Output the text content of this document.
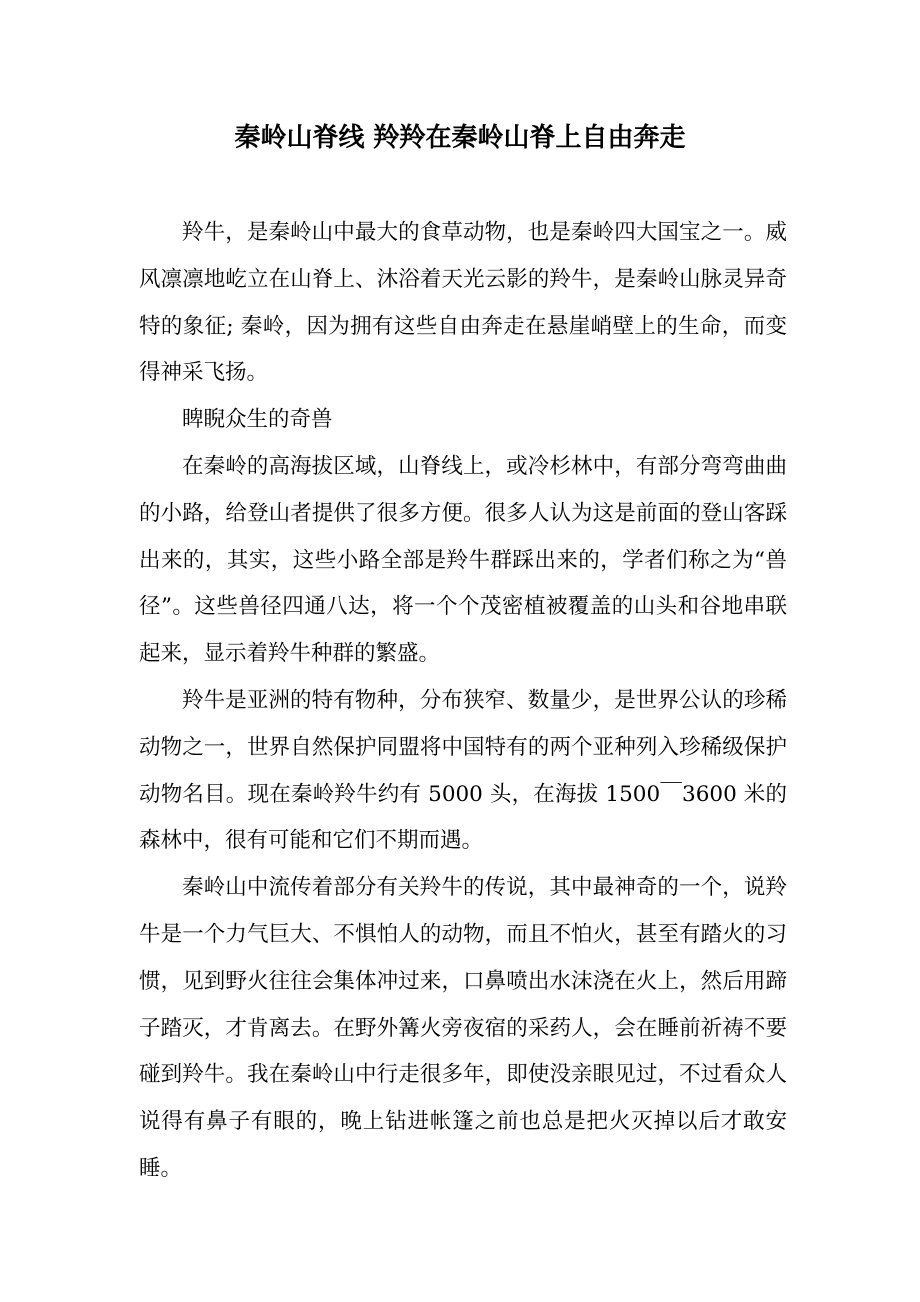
秦岭山脊线 羚羚在秦岭山脊上自由奔走

羚牛，是秦岭山中最大的食草动物，也是秦岭四大国宝之一。威风凛凛地屹立在山脊上、沐浴着天光云影的羚牛，是秦岭山脉灵异奇特的象征; 秦岭，因为拥有这些自由奔走在悬崖峭壁上的生命，而变得神采飞扬。

睥睨众生的奇兽

在秦岭的高海拔区域，山脊线上，或冷杉林中，有部分弯弯曲曲的小路，给登山者提供了很多方便。很多人认为这是前面的登山客踩出来的，其实，这些小路全部是羚牛群踩出来的，学者们称之为“兽径”。这些兽径四通八达，将一个个茂密植被覆盖的山头和谷地串联起来，显示着羚牛种群的繁盛。

羚牛是亚洲的特有物种，分布狭窄、数量少，是世界公认的珍稀动物之一，世界自然保护同盟将中国特有的两个亚种列入珍稀级保护动物名目。现在秦岭羚牛约有 5000 头，在海拔 1500￣3600 米的森林中，很有可能和它们不期而遇。

秦岭山中流传着部分有关羚牛的传说，其中最神奇的一个，说羚牛是一个力气巨大、不惧怕人的动物，而且不怕火，甚至有踏火的习惯，见到野火往往会集体冲过来，口鼻喷出水沫浇在火上，然后用蹄子踏灭，才肯离去。在野外篝火旁夜宿的采药人，会在睡前祈祷不要碰到羚牛。我在秦岭山中行走很多年，即使没亲眼见过，不过看众人说得有鼻子有眼的，晚上钻进帐篷之前也总是把火灭掉以后才敢安睡。
